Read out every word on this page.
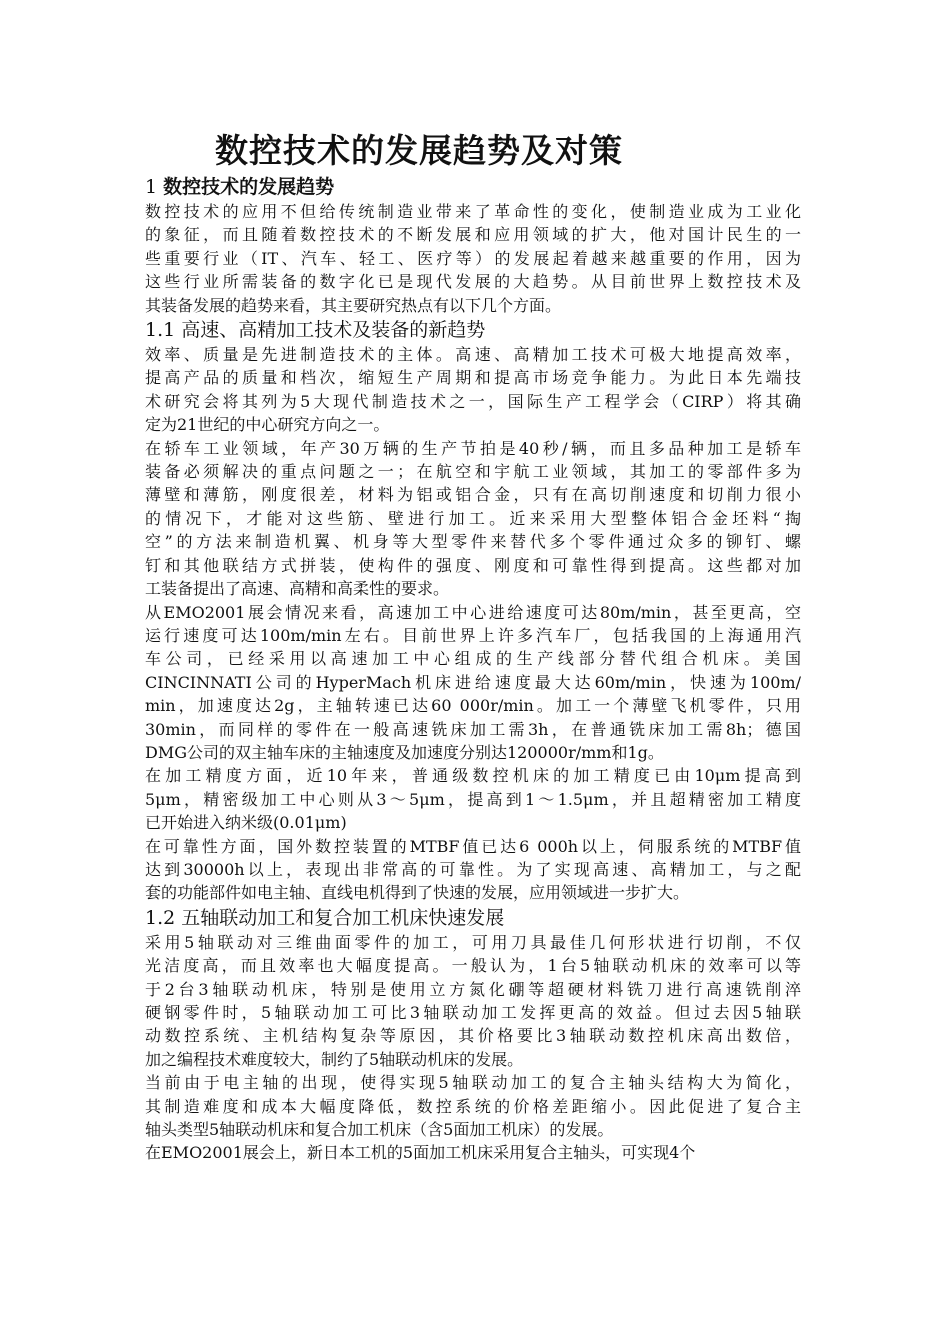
数控技术的发展趋势及对策
1 数控技术的发展趋势
数控技术的应用不但给传统制造业带来了革命性的变化，使制造业成为工业化
的象征，而且随着数控技术的不断发展和应用领域的扩大，他对国计民生的一
些重要行业（IT、汽车、轻工、医疗等）的发展起着越来越重要的作用，因为
这些行业所需装备的数字化已是现代发展的大趋势。从目前世界上数控技术及
其装备发展的趋势来看，其主要研究热点有以下几个方面。
1.1 高速、高精加工技术及装备的新趋势
效率、质量是先进制造技术的主体。高速、高精加工技术可极大地提高效率，
提高产品的质量和档次，缩短生产周期和提高市场竞争能力。为此日本先端技
术研究会将其列为5大现代制造技术之一，国际生产工程学会（CIRP）将其确
定为21世纪的中心研究方向之一。
在轿车工业领域，年产30万辆的生产节拍是40秒/辆，而且多品种加工是轿车
装备必须解决的重点问题之一；在航空和宇航工业领域，其加工的零部件多为
薄壁和薄筋，刚度很差，材料为铝或铝合金，只有在高切削速度和切削力很小
的情况下，才能对这些筋、壁进行加工。近来采用大型整体铝合金坯料“掏
空”的方法来制造机翼、机身等大型零件来替代多个零件通过众多的铆钉、螺
钉和其他联结方式拼装，使构件的强度、刚度和可靠性得到提高。这些都对加
工装备提出了高速、高精和高柔性的要求。
从EMO2001展会情况来看，高速加工中心进给速度可达80m/min，甚至更高，空
运行速度可达100m/min左右。目前世界上许多汽车厂，包括我国的上海通用汽
车公司，已经采用以高速加工中心组成的生产线部分替代组合机床。美国
CINCINNATI公司的HyperMach机床进给速度最大达60m/min，快速为100m/
min，加速度达2g，主轴转速已达60 000r/min。加工一个薄壁飞机零件，只用
30min，而同样的零件在一般高速铣床加工需3h，在普通铣床加工需8h；德国
DMG公司的双主轴车床的主轴速度及加速度分别达120000r/mm和1g。
在加工精度方面，近10年来，普通级数控机床的加工精度已由10μm提高到
5μm，精密级加工中心则从3～5μm，提高到1～1.5μm，并且超精密加工精度
已开始进入纳米级(0.01μm)
在可靠性方面，国外数控装置的MTBF值已达6 000h以上，伺服系统的MTBF值
达到30000h以上，表现出非常高的可靠性。为了实现高速、高精加工，与之配
套的功能部件如电主轴、直线电机得到了快速的发展，应用领域进一步扩大。
1.2 五轴联动加工和复合加工机床快速发展
采用5轴联动对三维曲面零件的加工，可用刀具最佳几何形状进行切削，不仅
光洁度高，而且效率也大幅度提高。一般认为，1台5轴联动机床的效率可以等
于2台3轴联动机床，特别是使用立方氮化硼等超硬材料铣刀进行高速铣削淬
硬钢零件时，5轴联动加工可比3轴联动加工发挥更高的效益。但过去因5轴联
动数控系统、主机结构复杂等原因，其价格要比3轴联动数控机床高出数倍，
加之编程技术难度较大，制约了5轴联动机床的发展。
当前由于电主轴的出现，使得实现5轴联动加工的复合主轴头结构大为简化，
其制造难度和成本大幅度降低，数控系统的价格差距缩小。因此促进了复合主
轴头类型5轴联动机床和复合加工机床（含5面加工机床）的发展。
在EMO2001展会上，新日本工机的5面加工机床采用复合主轴头，可实现4个
